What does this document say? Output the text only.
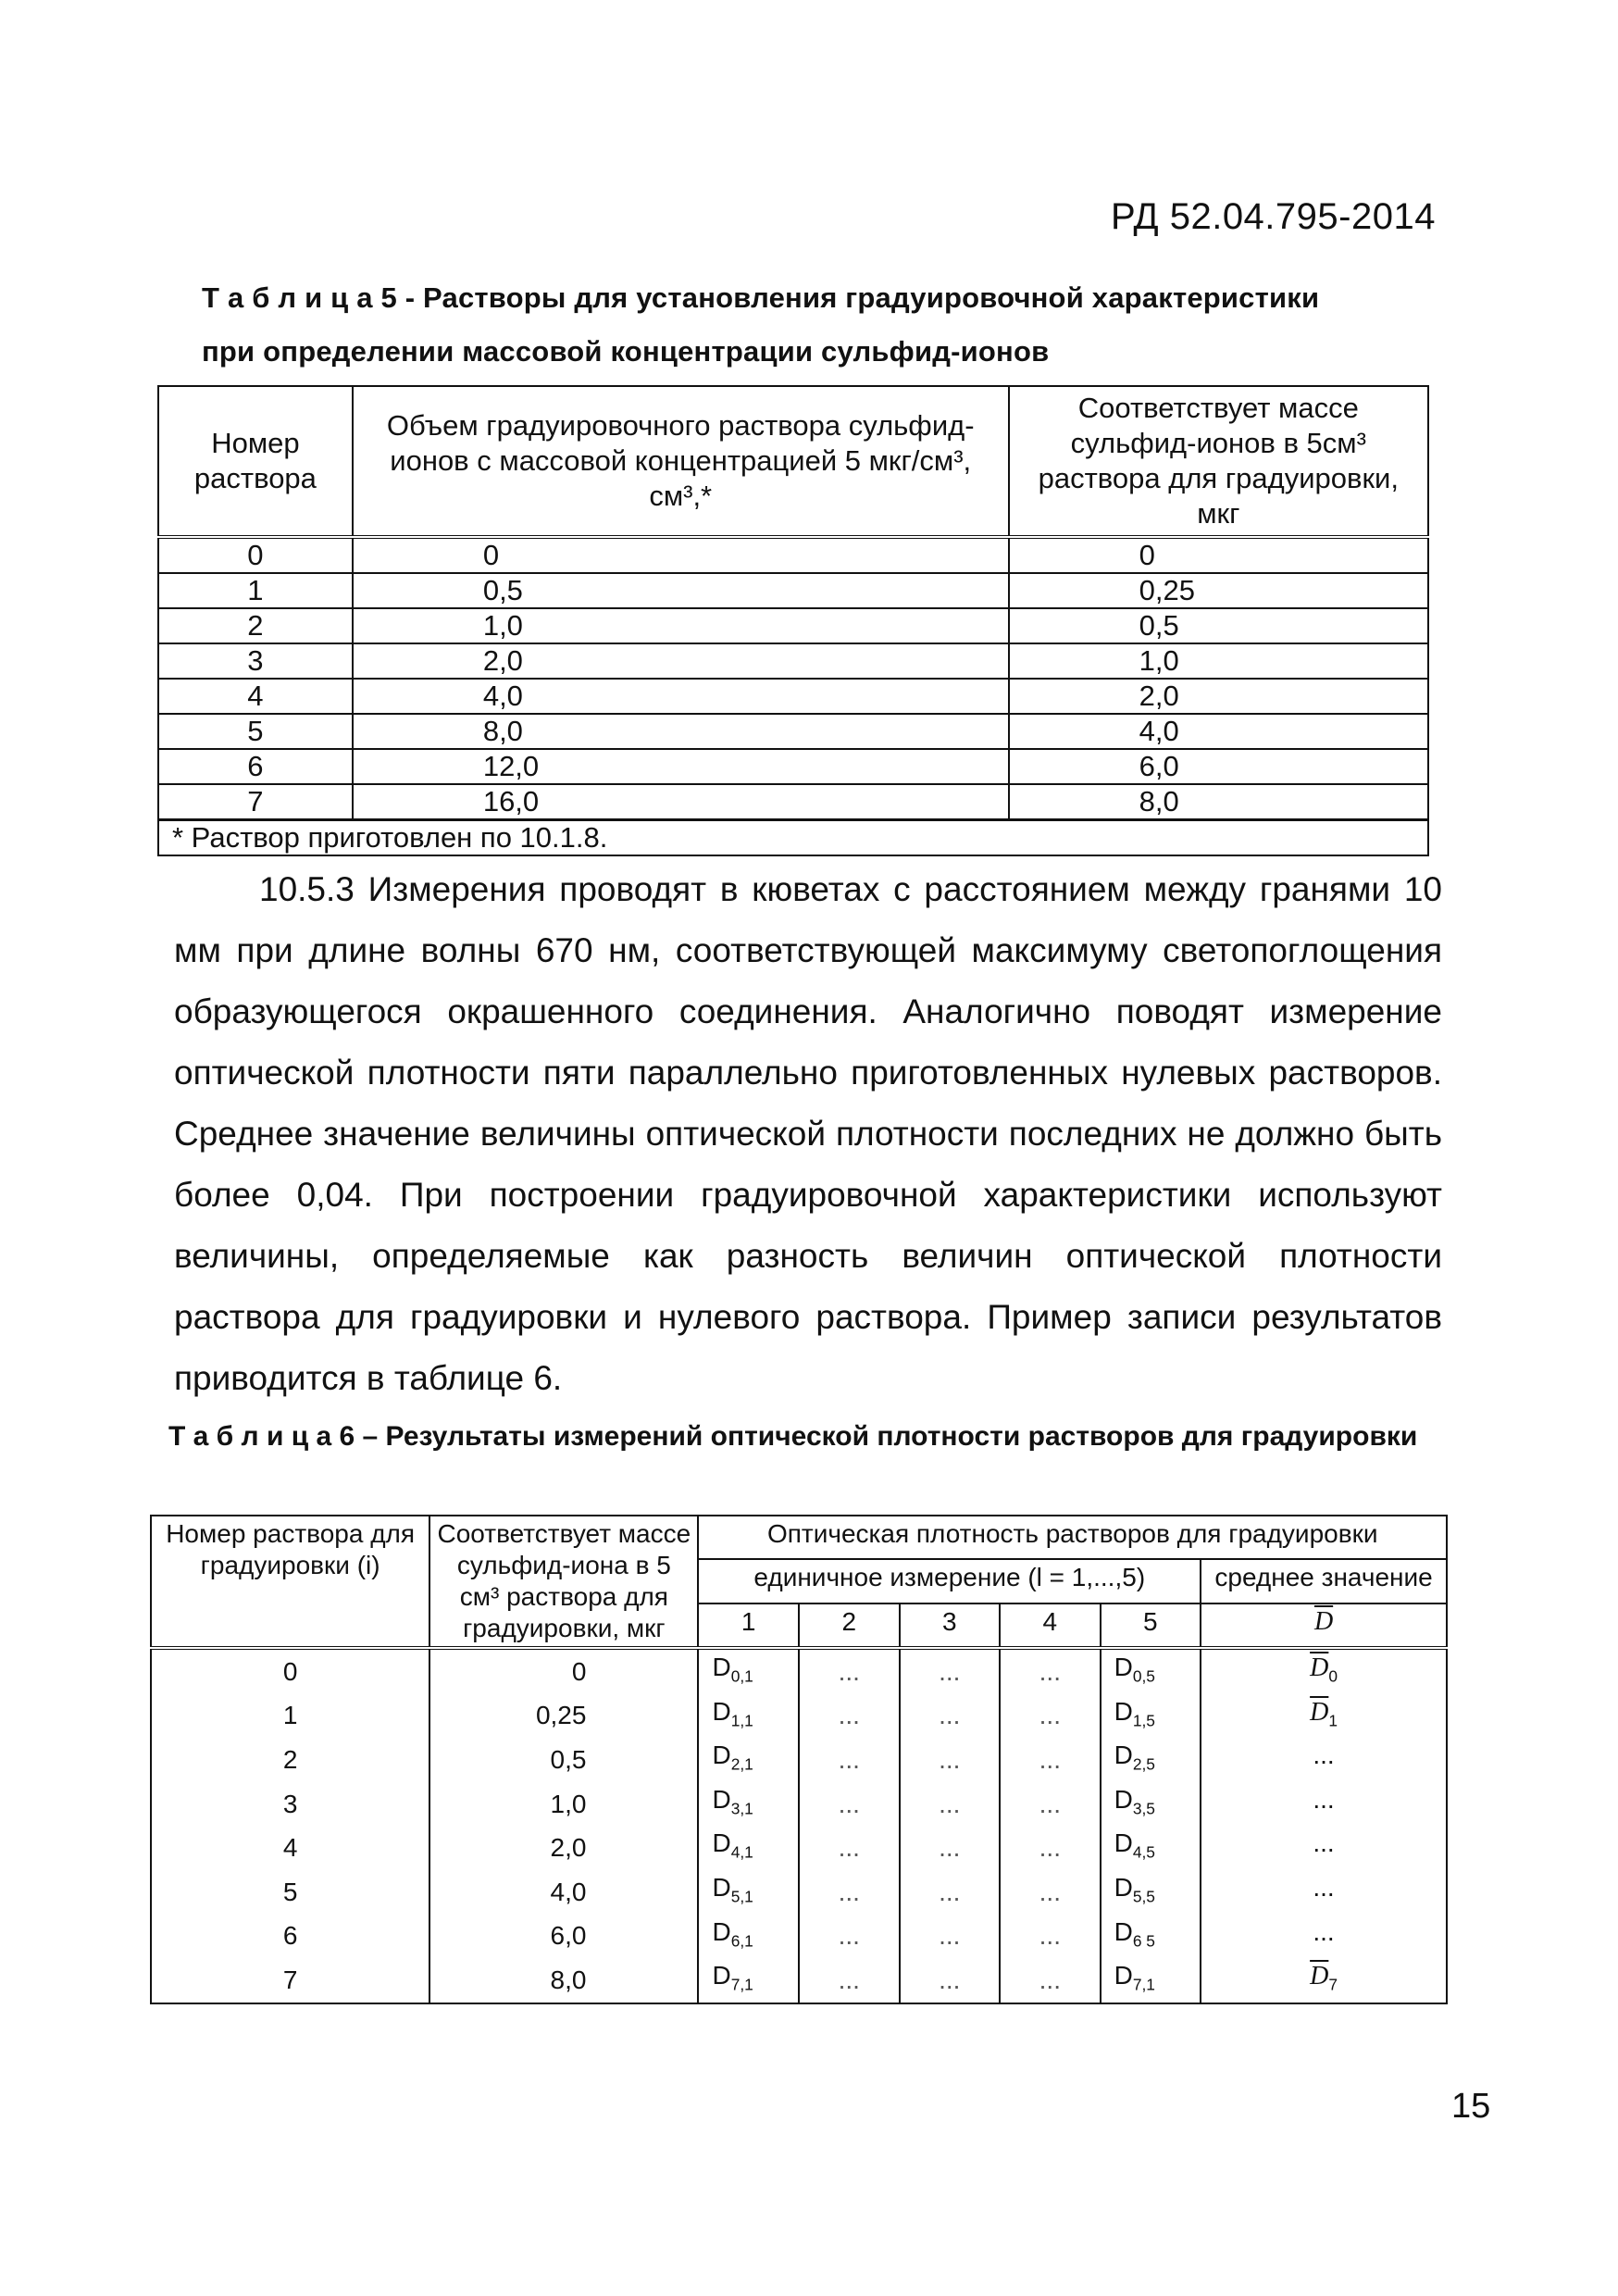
РД 52.04.795-2014
Т а б л и ц а 5 - Растворы для установления градуировочной характеристики
при определении массовой концентрации сульфид-ионов
Номер раствора	Объем градуировочного раствора сульфид-ионов с массовой концентрацией 5 мкг/см³, см³,*	Соответствует массе сульфид-ионов в 5см³ раствора для градуировки, мкг
0	0	0
1	0,5	0,25
2	1,0	0,5
3	2,0	1,0
4	4,0	2,0
5	8,0	4,0
6	12,0	6,0
7	16,0	8,0
* Раствор приготовлен по 10.1.8.		

10.5.3 Измерения проводят в кюветах с расстоянием между гранями 10 мм при длине волны 670 нм, соответствующей максимуму светопоглощения образующегося окрашенного соединения. Аналогично поводят измерение оптической плотности пяти параллельно приготовленных нулевых растворов. Среднее значение величины оптической плотности последних не должно быть более 0,04. При построении градуировочной характеристики используют величины, определяемые как разность величин оптической плотности раствора для градуировки и нулевого раствора. Пример записи результатов приводится в таблице 6.

Т а б л и ц а 6 – Результаты измерений оптической плотности растворов для градуировки
Номер раствора для градуировки (i)	Соответствует массе сульфид-иона в 5 см³ раствора для градуировки, мкг	Оптическая плотность растворов для градуировки					
		единичное измерение (l = 1,...,5)					среднее значение
		1	2	3	4	5	$\overline{D}$
0	0	$D_{0,1}$	...	...	...	$D_{0,5}$	$\overline{D}_0$
1	0,25	$D_{1,1}$	...	...	...	$D_{1,5}$	$\overline{D}_1$
2	0,5	$D_{2,1}$	...	...	...	$D_{2,5}$	...
3	1,0	$D_{3,1}$	...	...	...	$D_{3,5}$	...
4	2,0	$D_{4,1}$	...	...	...	$D_{4,5}$	...
5	4,0	$D_{5,1}$	...	...	...	$D_{5,5}$	...
6	6,0	$D_{6,1}$	...	...	...	$D_{6 5}$	...
7	8,0	$D_{7,1}$	...	...	...	$D_{7,1}$	$\overline{D}_7$
15
